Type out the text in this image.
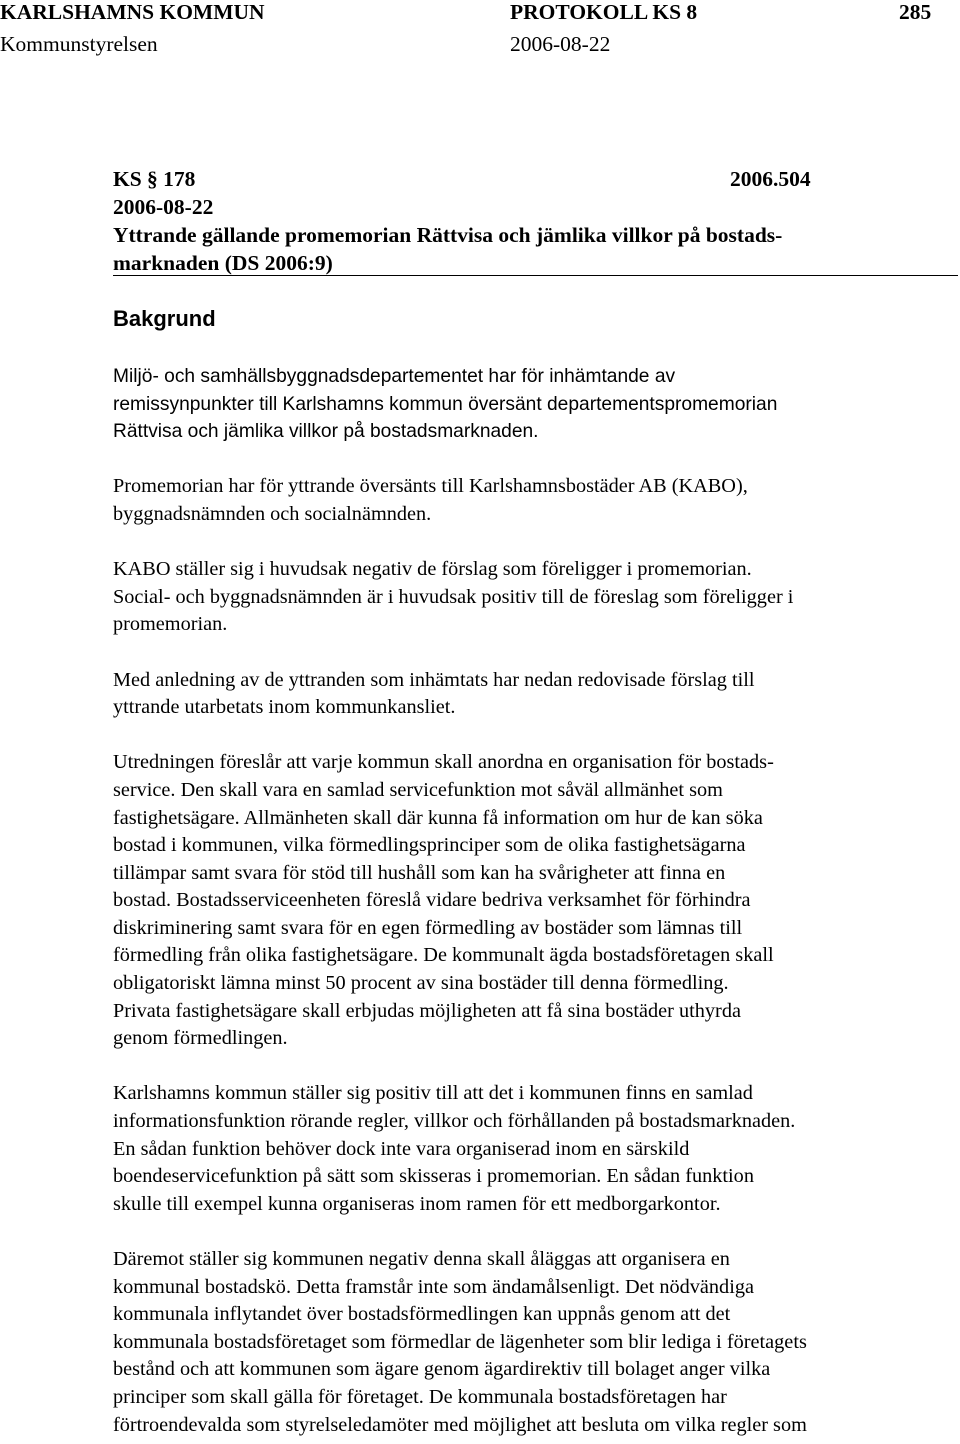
KARLSHAMNS KOMMUN	PROTOKOLL KS 8	285
Kommunstyrelsen	2006-08-22
KS § 178	2006.504
2006-08-22
Yttrande gällande promemorian Rättvisa och jämlika villkor på bostads-
marknaden (DS 2006:9)
Bakgrund

Miljö- och samhällsbyggnadsdepartementet har för inhämtande av

remissynpunkter till Karlshamns kommun översänt departementspromemorian

Rättvisa och jämlika villkor på bostadsmarknaden.

Promemorian har för yttrande översänts till Karlshamnsbostäder AB (KABO),

byggnadsnämnden och socialnämnden.

KABO ställer sig i huvudsak negativ de förslag som föreligger i promemorian.

Social- och byggnadsnämnden är i huvudsak positiv till de föreslag som föreligger i

promemorian.

Med anledning av de yttranden som inhämtats har nedan redovisade förslag till

yttrande utarbetats inom kommunkansliet.

Utredningen föreslår att varje kommun skall anordna en organisation för bostads-

service. Den skall vara en samlad servicefunktion mot såväl allmänhet som

fastighetsägare. Allmänheten skall där kunna få information om hur de kan söka

bostad i kommunen, vilka förmedlingsprinciper som de olika fastighetsägarna

tillämpar samt svara för stöd till hushåll som kan ha svårigheter att finna en

bostad. Bostadsserviceenheten föreslå vidare bedriva verksamhet för förhindra

diskriminering samt svara för en egen förmedling av bostäder som lämnas till

förmedling från olika fastighetsägare. De kommunalt ägda bostadsföretagen skall

obligatoriskt lämna minst 50 procent av sina bostäder till denna förmedling.

Privata fastighetsägare skall erbjudas möjligheten att få sina bostäder uthyrda

genom förmedlingen.

Karlshamns kommun ställer sig positiv till att det i kommunen finns en samlad

informationsfunktion rörande regler, villkor och förhållanden på bostadsmarknaden.

En sådan funktion behöver dock inte vara organiserad inom en särskild

boendeservicefunktion på sätt som skisseras i promemorian. En sådan funktion

skulle till exempel kunna organiseras inom ramen för ett medborgarkontor.

Däremot ställer sig kommunen negativ denna skall åläggas att organisera en

kommunal bostadskö. Detta framstår inte som ändamålsenligt. Det nödvändiga

kommunala inflytandet över bostadsförmedlingen kan uppnås genom att det

kommunala bostadsföretaget som förmedlar de lägenheter som blir lediga i företagets

bestånd och att kommunen som ägare genom ägardirektiv till bolaget anger vilka

principer som skall gälla för företaget. De kommunala bostadsföretagen har

förtroendevalda som styrelseledamöter med möjlighet att besluta om vilka regler som
